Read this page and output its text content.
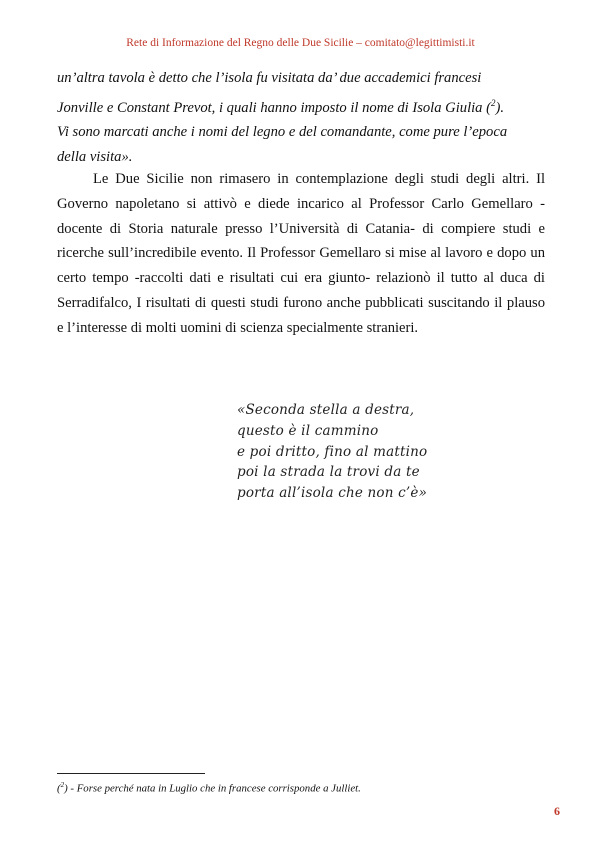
Rete di Informazione del Regno delle Due Sicilie – comitato@legittimisti.it

un’altra tavola è detto che l’isola fu visitata da’ due accademici francesi

Jonville e Constant Prevot, i quali hanno imposto il nome di Isola Giulia ($^2$).

Vi sono marcati anche i nomi del legno e del comandante, come pure l’epoca

della visita».

Le Due Sicilie non rimasero in contemplazione degli studi degli altri. Il Governo napoletano si attivò e diede incarico al Professor Carlo Gemellaro - docente di Storia naturale presso l’Università di Catania- di compiere studi e ricerche sull’incredibile evento. Il Professor Gemellaro si mise al lavoro e dopo un certo tempo -raccolti dati e risultati cui era giunto- relazionò il tutto al duca di Serradifalco, I risultati di questi studi furono anche pubblicati suscitando il plauso e l’interesse di molti uomini di scienza specialmente stranieri.

«Seconda stella a destra,
questo è il cammino
e poi dritto, fino al mattino
poi la strada la trovi da te
porta all’isola che non c’è»
($^2$) - Forse perché nata in Luglio che in francese corrisponde a Julliet.
6
